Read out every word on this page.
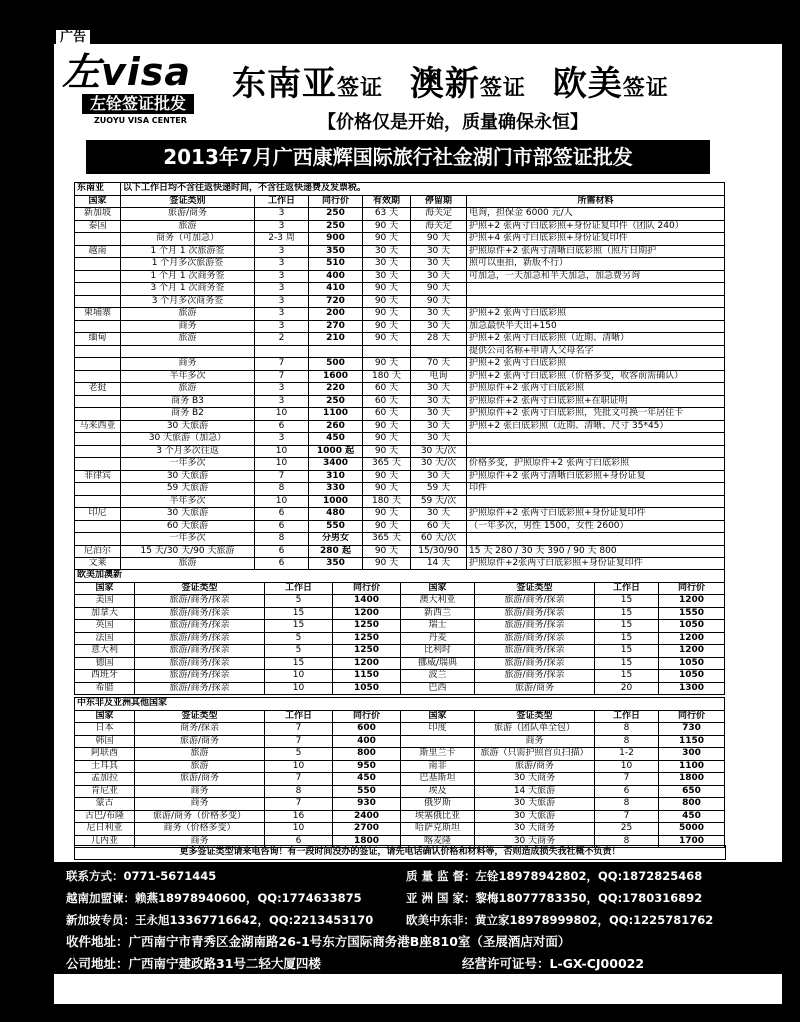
广告
左visa
左铨签证批发
ZUOYU VISA CENTER
东南亚签证 澳新签证 欧美签证
【价格仅是开始，质量确保永恒】
2013年7月广西康辉国际旅行社金湖门市部签证批发
东南亚	以下工作日均不含往返快递时间，不含往返快递费及发票税。					
国家	签证类别	工作日	同行价	有效期	停留期	所需材料
新加坡	旅游/商务	3	250	63 天	海关定	电询，担保金 6000 元/人
泰国	旅游	3	250	90 天	海关定	护照+2 张两寸白底彩照+身份证复印件（团队 240）
	商务（可加急）	2-3 周	900	90 天	90 天	护照+4 张两寸白底彩照+身份证复印件
越南	1 个月 1 次旅游签	3	350	30 天	30 天	护照原件+2 张两寸清晰白底彩照（照片日期护
	1 个月多次旅游签	3	510	30 天	30 天	照可以重拍，新版不行）
	1 个月 1 次商务签	3	400	30 天	30 天	可加急，一天加急和半天加急，加急费另询
	3 个月 1 次商务签	3	410	90 天	90 天	
	3 个月多次商务签	3	720	90 天	90 天	
柬埔寨	旅游	3	200	90 天	30 天	护照+2 张两寸白底彩照
	商务	3	270	90 天	30 天	加急最快半天出+150
缅甸	旅游	2	210	90 天	28 天	护照+2 张两寸白底彩照（近期、清晰）
						提供公司名称+申请人父母名字
	商务	7	500	90 天	70 天	护照+2 张两寸白底彩照
	半年多次	7	1600	180 天	电询	护照+2 张两寸白底彩照（价格多变，收客前需确认）
老挝	旅游	3	220	60 天	30 天	护照原件+2 张两寸白底彩照
	商务 B3	3	250	60 天	30 天	护照原件+2 张两寸白底彩照+在职证明
	商务 B2	10	1100	60 天	30 天	护照原件+2 张两寸白底彩照，凭批文可换一年居住卡
马来西亚	30 天旅游	6	260	90 天	30 天	护照+2 张白底彩照（近期、清晰、尺寸 35*45）
	30 天旅游（加急）	3	450	90 天	30 天	
	3 个月多次往返	10	1000 起	90 天	30 天/次	
	一年多次	10	3400	365 天	30 天/次	价格多变，护照原件+2 张两寸白底彩照
菲律宾	30 天旅游	7	310	90 天	30 天	护照原件+2 张两寸清晰白底彩照+身份证复
	59 天旅游	8	330	90 天	59 天	印件
	半年多次	10	1000	180 天	59 天/次	
印尼	30 天旅游	6	480	90 天	30 天	护照原件+2 张两寸白底彩照+身份证复印件
	60 天旅游	6	550	90 天	60 天	（一年多次，男性 1500，女性 2600）
	一年多次	8	分男女	365 天	60 天/次	
尼泊尔	15 天/30 天/90 天旅游	6	280 起	90 天	15/30/90	15 天 280 / 30 天 390 / 90 天 800
文莱	旅游	6	350	90 天	14 天	护照原件+2张两寸白底彩照+身份证复印件
欧美加澳新							
国家	签证类型	工作日	同行价	国家	签证类型	工作日	同行价
美国	旅游/商务/探亲	5	1400	澳大利亚	旅游/商务/探亲	15	1200
加拿大	旅游/商务/探亲	15	1200	新西兰	旅游/商务/探亲	15	1550
英国	旅游/商务/探亲	15	1250	瑞士	旅游/商务/探亲	15	1050
法国	旅游/商务/探亲	5	1250	丹麦	旅游/商务/探亲	15	1200
意大利	旅游/商务/探亲	5	1250	比利时	旅游/商务/探亲	15	1200
德国	旅游/商务/探亲	15	1200	挪威/瑞典	旅游/商务/探亲	15	1050
西班牙	旅游/商务/探亲	10	1150	波兰	旅游/商务/探亲	15	1050
希腊	旅游/商务/探亲	10	1050	巴西	旅游/商务	20	1300
中东非及亚洲其他国家							
国家	签证类型	工作日	同行价	国家	签证类型	工作日	同行价
日本	商务/探亲	7	600	印度	旅游（团队单全包）	8	730
韩国	旅游/商务	7	400		商务	8	1150
阿联酋	旅游	5	800	斯里兰卡	旅游（只需护照首页扫描）	1-2	300
土耳其	旅游	10	950	南非	旅游/商务	10	1100
孟加拉	旅游/商务	7	450	巴基斯坦	30 天商务	7	1800
肯尼亚	商务	8	550	埃及	14 天旅游	6	650
蒙古	商务	7	930	俄罗斯	30 天旅游	8	800
古巴/布隆	旅游/商务（价格多变）	16	2400	埃塞俄比亚	30 天旅游	7	450
尼日利亚	商务（价格多变）	10	2700	哈萨克斯坦	30 天商务	25	5000
几内亚	商务	6	1800	喀麦隆	30 天商务	8	1700
更多签证类型请来电咨询！有一段时间没办的签证，请先电话确认价格和材料等，否则造成损失我社概不负责！
联系方式：0771-5671445	质 量 监 督：左铨18978942802，QQ:1872825468
越南加盟谏：赖燕18978940600，QQ:1774633875	亚 洲 国 家：黎梅18077783350，QQ:1780316892
新加坡专员：王永旭13367716642，QQ:2213453170	欧美中东非：黄立家18978999802，QQ:1225781762
收件地址：广西南宁市青秀区金湖南路26-1号东方国际商务港B座810室（圣展酒店对面）
公司地址：广西南宁建政路31号二轻大厦四楼	经营许可证号：L-GX-CJ00022
16 广西版 洋红 欢迎浏览电子刊 www.zyoo.net
